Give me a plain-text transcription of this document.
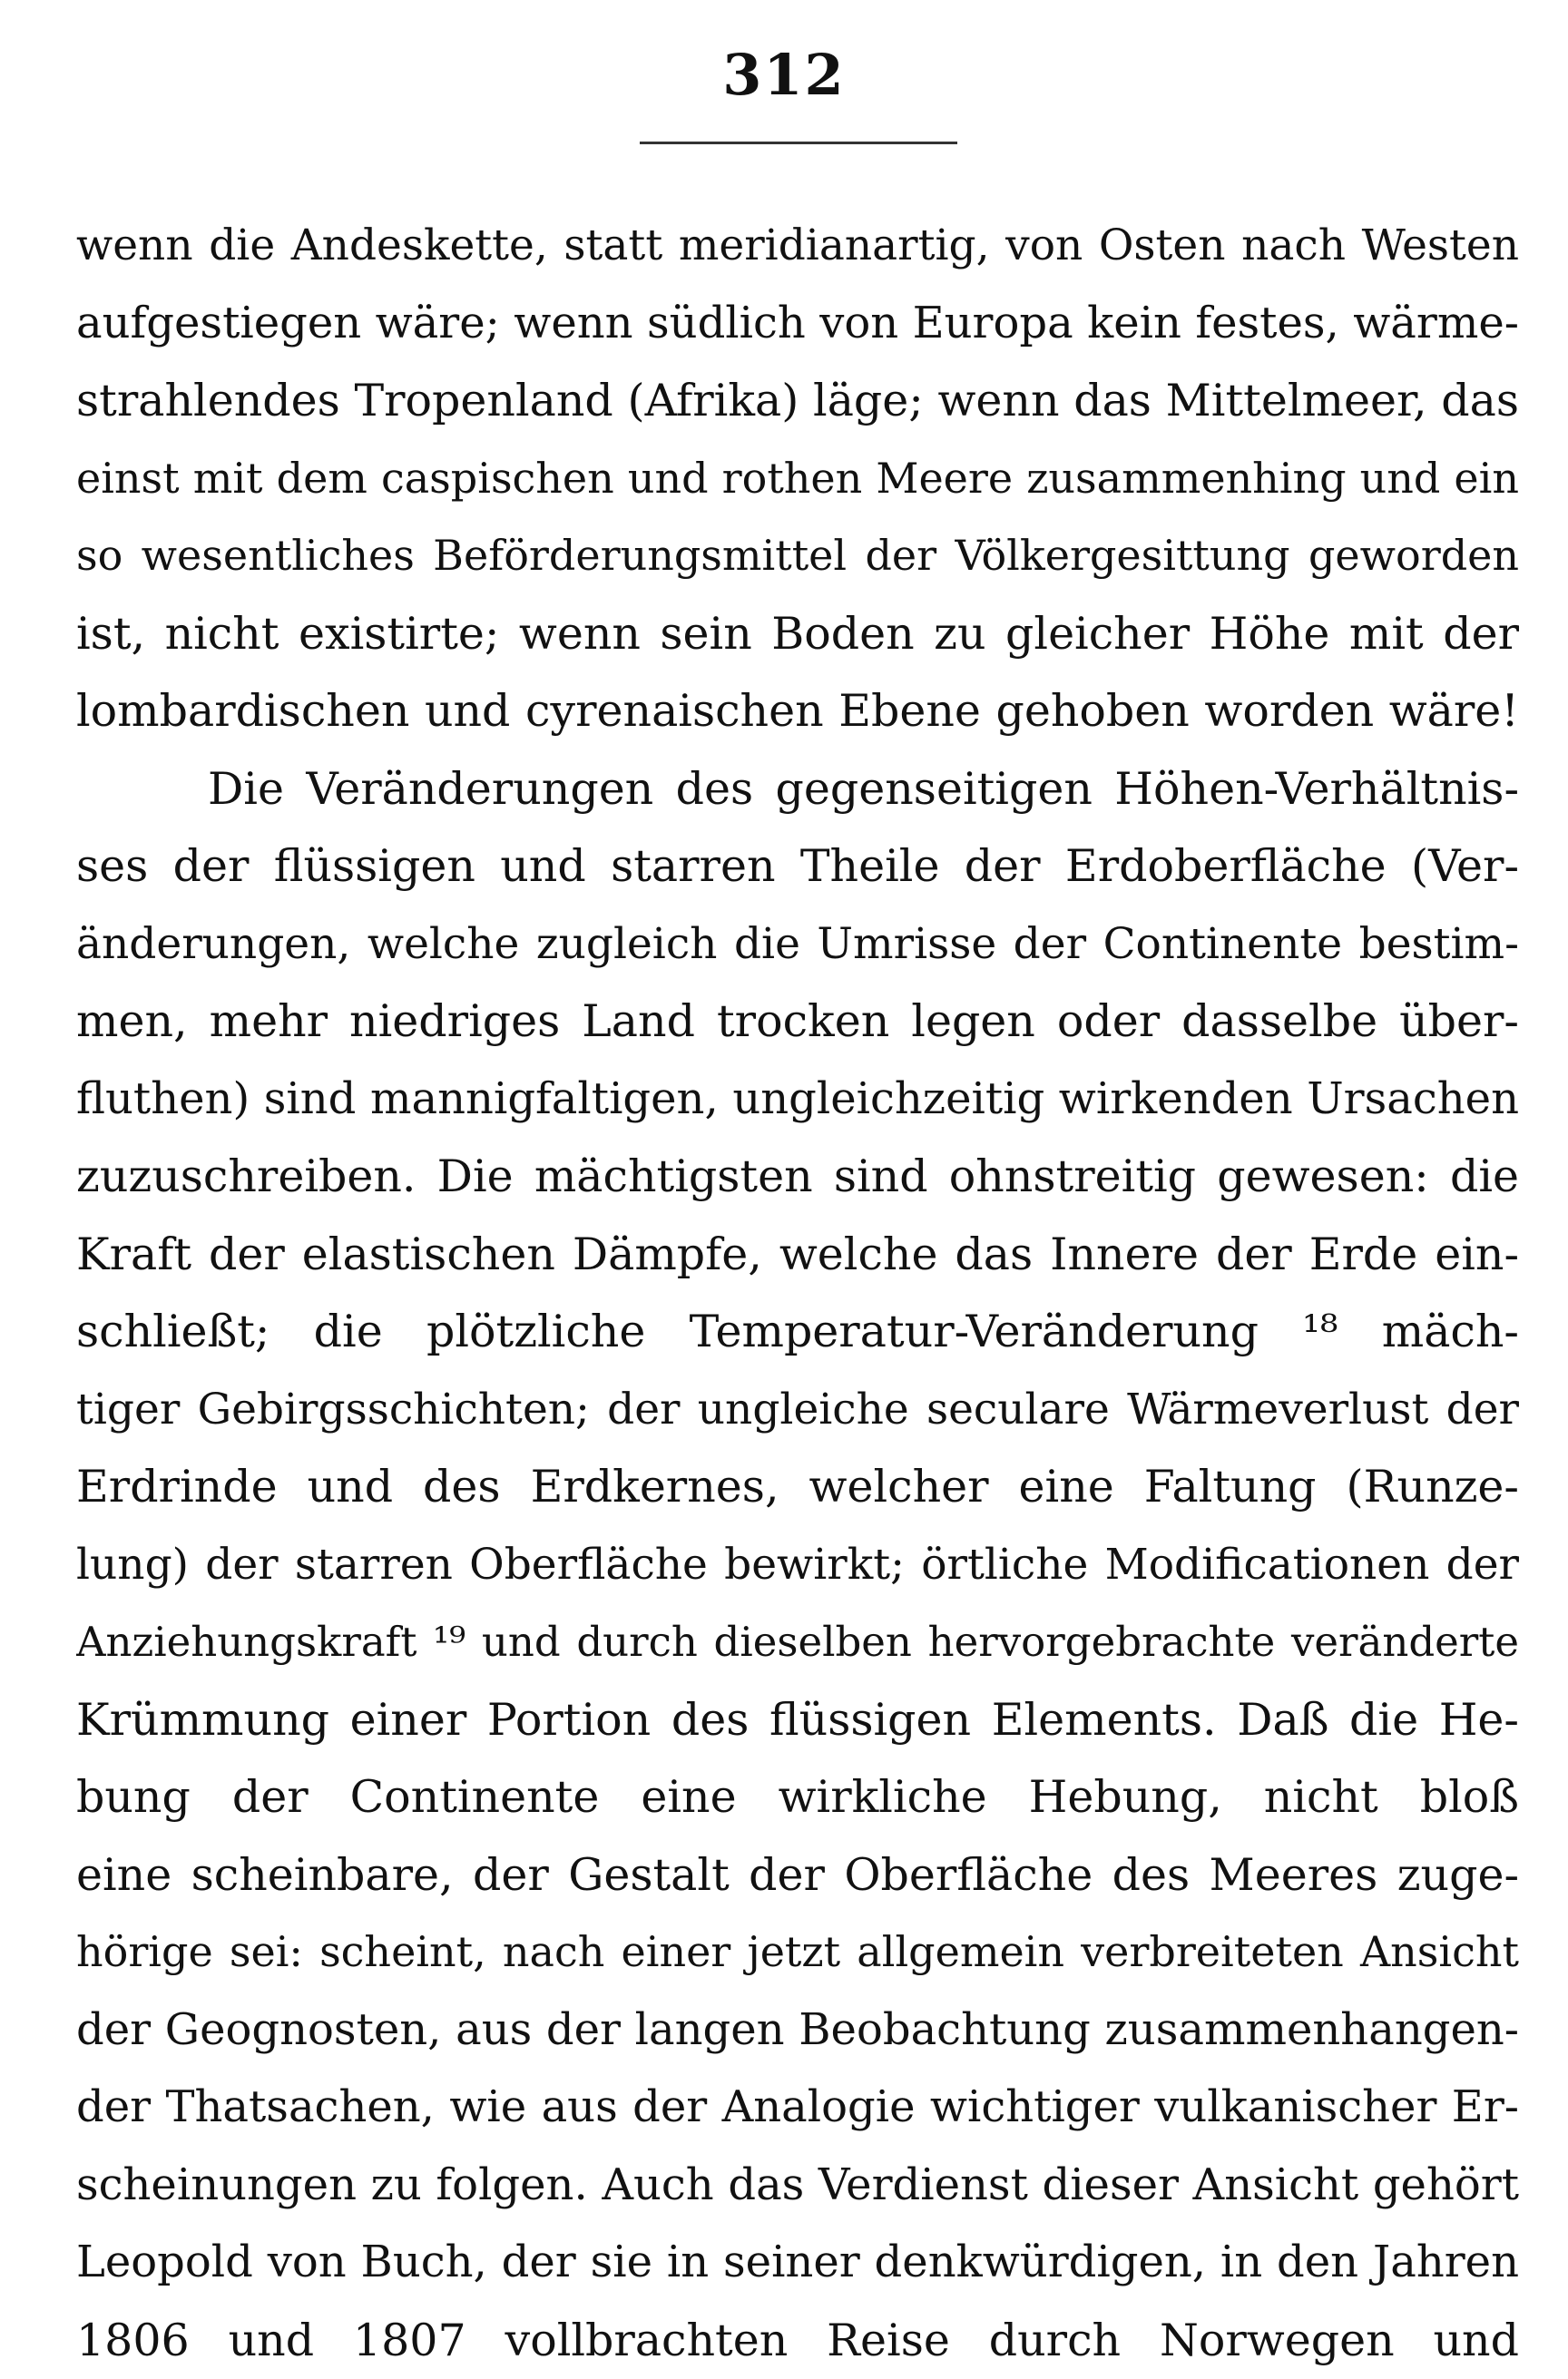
312
wenn die Andeskette, statt meridianartig, von Osten nach Westen
aufgestiegen wäre; wenn südlich von Europa kein festes, wärme-
strahlendes Tropenland (Afrika) läge; wenn das Mittelmeer, das
einst mit dem caspischen und rothen Meere zusammenhing und ein
so wesentliches Beförderungsmittel der Völkergesittung geworden
ist, nicht existirte; wenn sein Boden zu gleicher Höhe mit der
lombardischen und cyrenaischen Ebene gehoben worden wäre!
Die Veränderungen des gegenseitigen Höhen-Verhältnis-
ses der flüssigen und starren Theile der Erdoberfläche (Ver-
änderungen, welche zugleich die Umrisse der Continente bestim-
men, mehr niedriges Land trocken legen oder dasselbe über-
fluthen) sind mannigfaltigen, ungleichzeitig wirkenden Ursachen
zuzuschreiben. Die mächtigsten sind ohnstreitig gewesen: die
Kraft der elastischen Dämpfe, welche das Innere der Erde ein-
schließt; die plötzliche Temperatur-Veränderung ¹⁸ mäch-
tiger Gebirgsschichten; der ungleiche seculare Wärmeverlust der
Erdrinde und des Erdkernes, welcher eine Faltung (Runze-
lung) der starren Oberfläche bewirkt; örtliche Modificationen der
Anziehungskraft ¹⁹ und durch dieselben hervorgebrachte veränderte
Krümmung einer Portion des flüssigen Elements. Daß die He-
bung der Continente eine wirkliche Hebung, nicht bloß
eine scheinbare, der Gestalt der Oberfläche des Meeres zuge-
hörige sei: scheint, nach einer jetzt allgemein verbreiteten Ansicht
der Geognosten, aus der langen Beobachtung zusammenhangen-
der Thatsachen, wie aus der Analogie wichtiger vulkanischer Er-
scheinungen zu folgen. Auch das Verdienst dieser Ansicht gehört
Leopold von Buch, der sie in seiner denkwürdigen, in den Jahren
1806 und 1807 vollbrachten Reise durch Norwegen und
